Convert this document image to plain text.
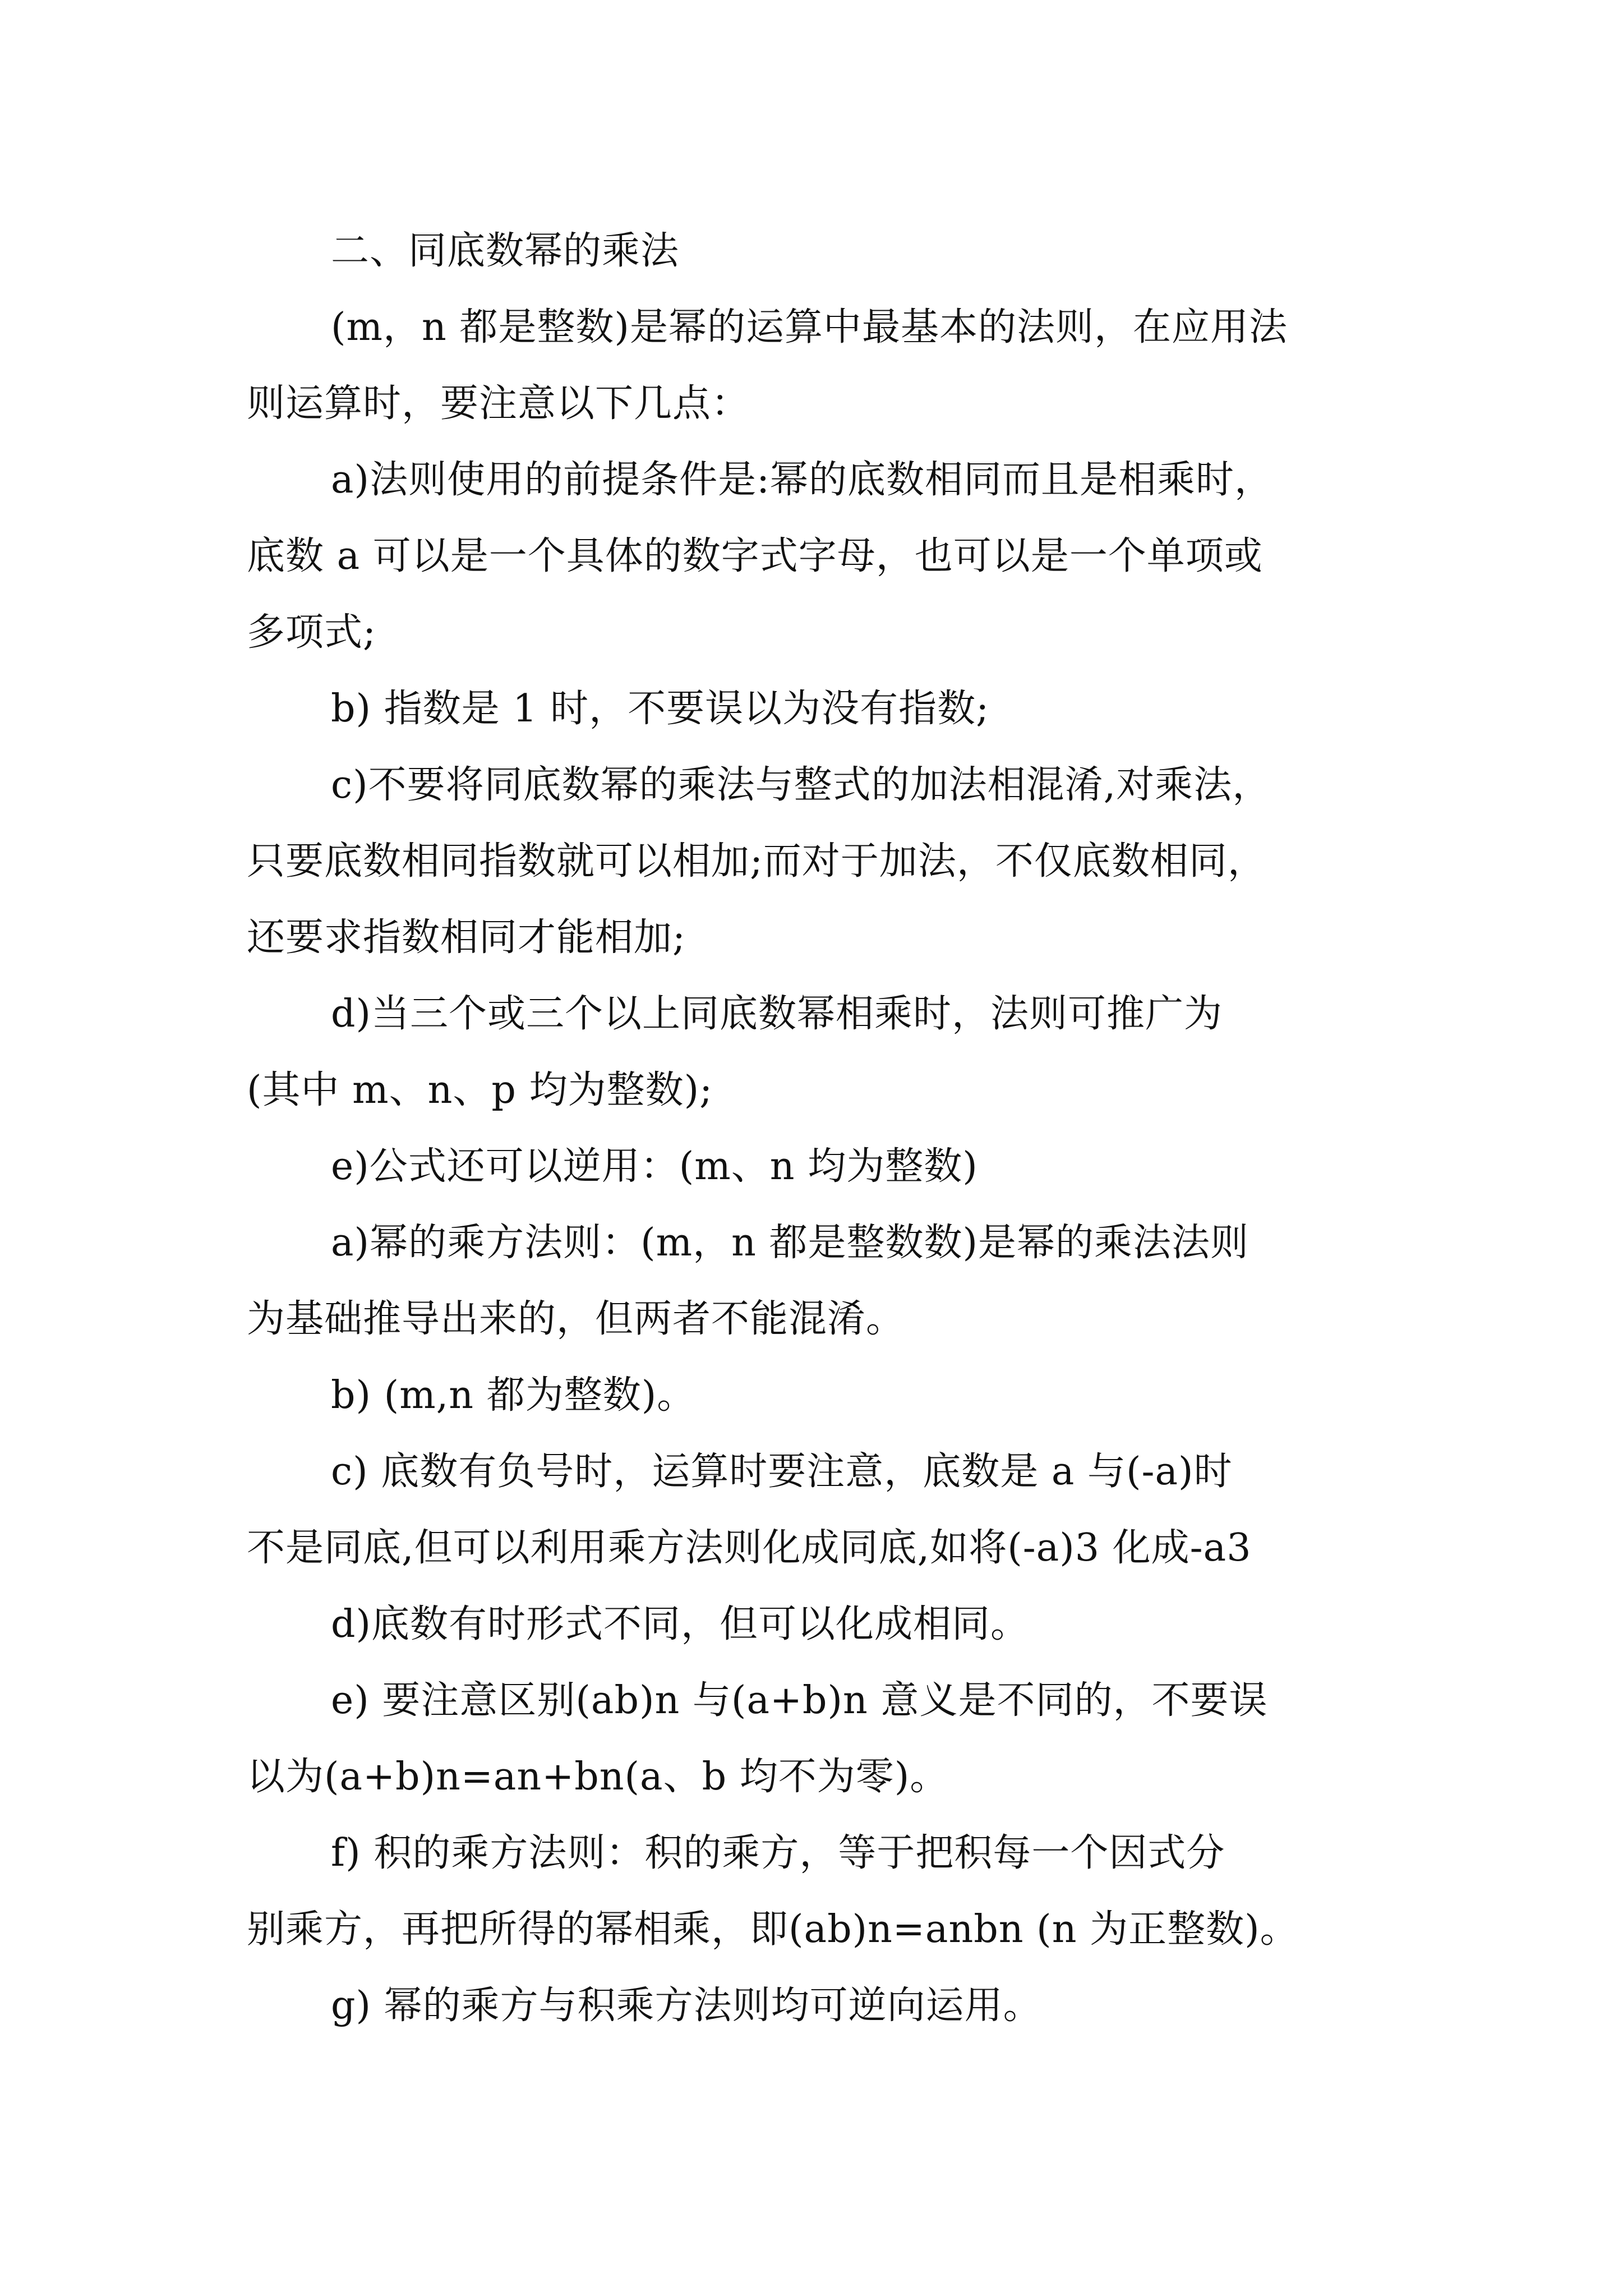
二、同底数幂的乘法
(m，n 都是整数)是幂的运算中最基本的法则，在应用法
则运算时，要注意以下几点：
a)法则使用的前提条件是:幂的底数相同而且是相乘时，
底数 a 可以是一个具体的数字式字母，也可以是一个单项或
多项式;
b) 指数是 1 时，不要误以为没有指数;
c)不要将同底数幂的乘法与整式的加法相混淆,对乘法，
只要底数相同指数就可以相加;而对于加法，不仅底数相同，
还要求指数相同才能相加;
d)当三个或三个以上同底数幂相乘时，法则可推广为
(其中 m、n、p 均为整数);
e)公式还可以逆用：(m、n 均为整数)
a)幂的乘方法则：(m，n 都是整数数)是幂的乘法法则
为基础推导出来的，但两者不能混淆。
b) (m,n 都为整数)。
c) 底数有负号时，运算时要注意，底数是 a 与(-a)时
不是同底,但可以利用乘方法则化成同底,如将(-a)3 化成-a3
d)底数有时形式不同，但可以化成相同。
e) 要注意区别(ab)n 与(a+b)n 意义是不同的，不要误
以为(a+b)n=an+bn(a、b 均不为零)。
f) 积的乘方法则：积的乘方，等于把积每一个因式分
别乘方，再把所得的幂相乘，即(ab)n=anbn (n 为正整数)。
g) 幂的乘方与积乘方法则均可逆向运用。
